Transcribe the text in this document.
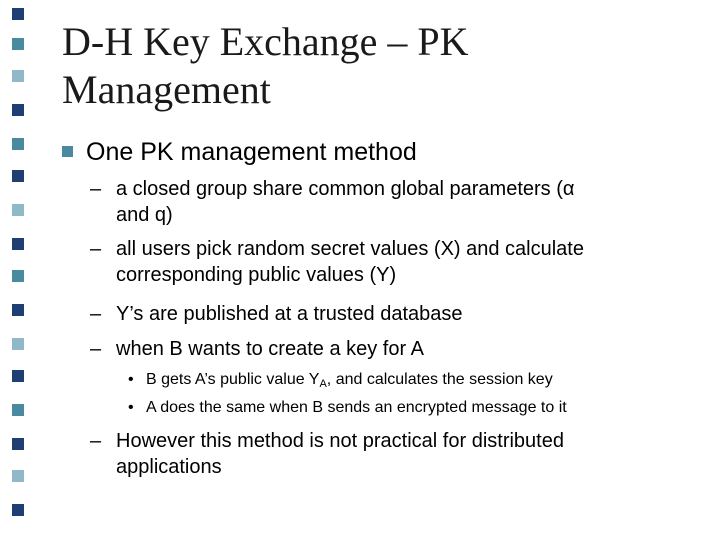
D-H Key Exchange – PK
Management
One PK management method
– a closed group share common global parameters (α
and q)
– all users pick random secret values (X) and calculate
corresponding public values (Y)
– Y’s are published at a trusted database
– when B wants to create a key for A
• B gets A’s public value $Y_A$, and calculates the session key
• A does the same when B sends an encrypted message to it
– However this method is not practical for distributed
applications
